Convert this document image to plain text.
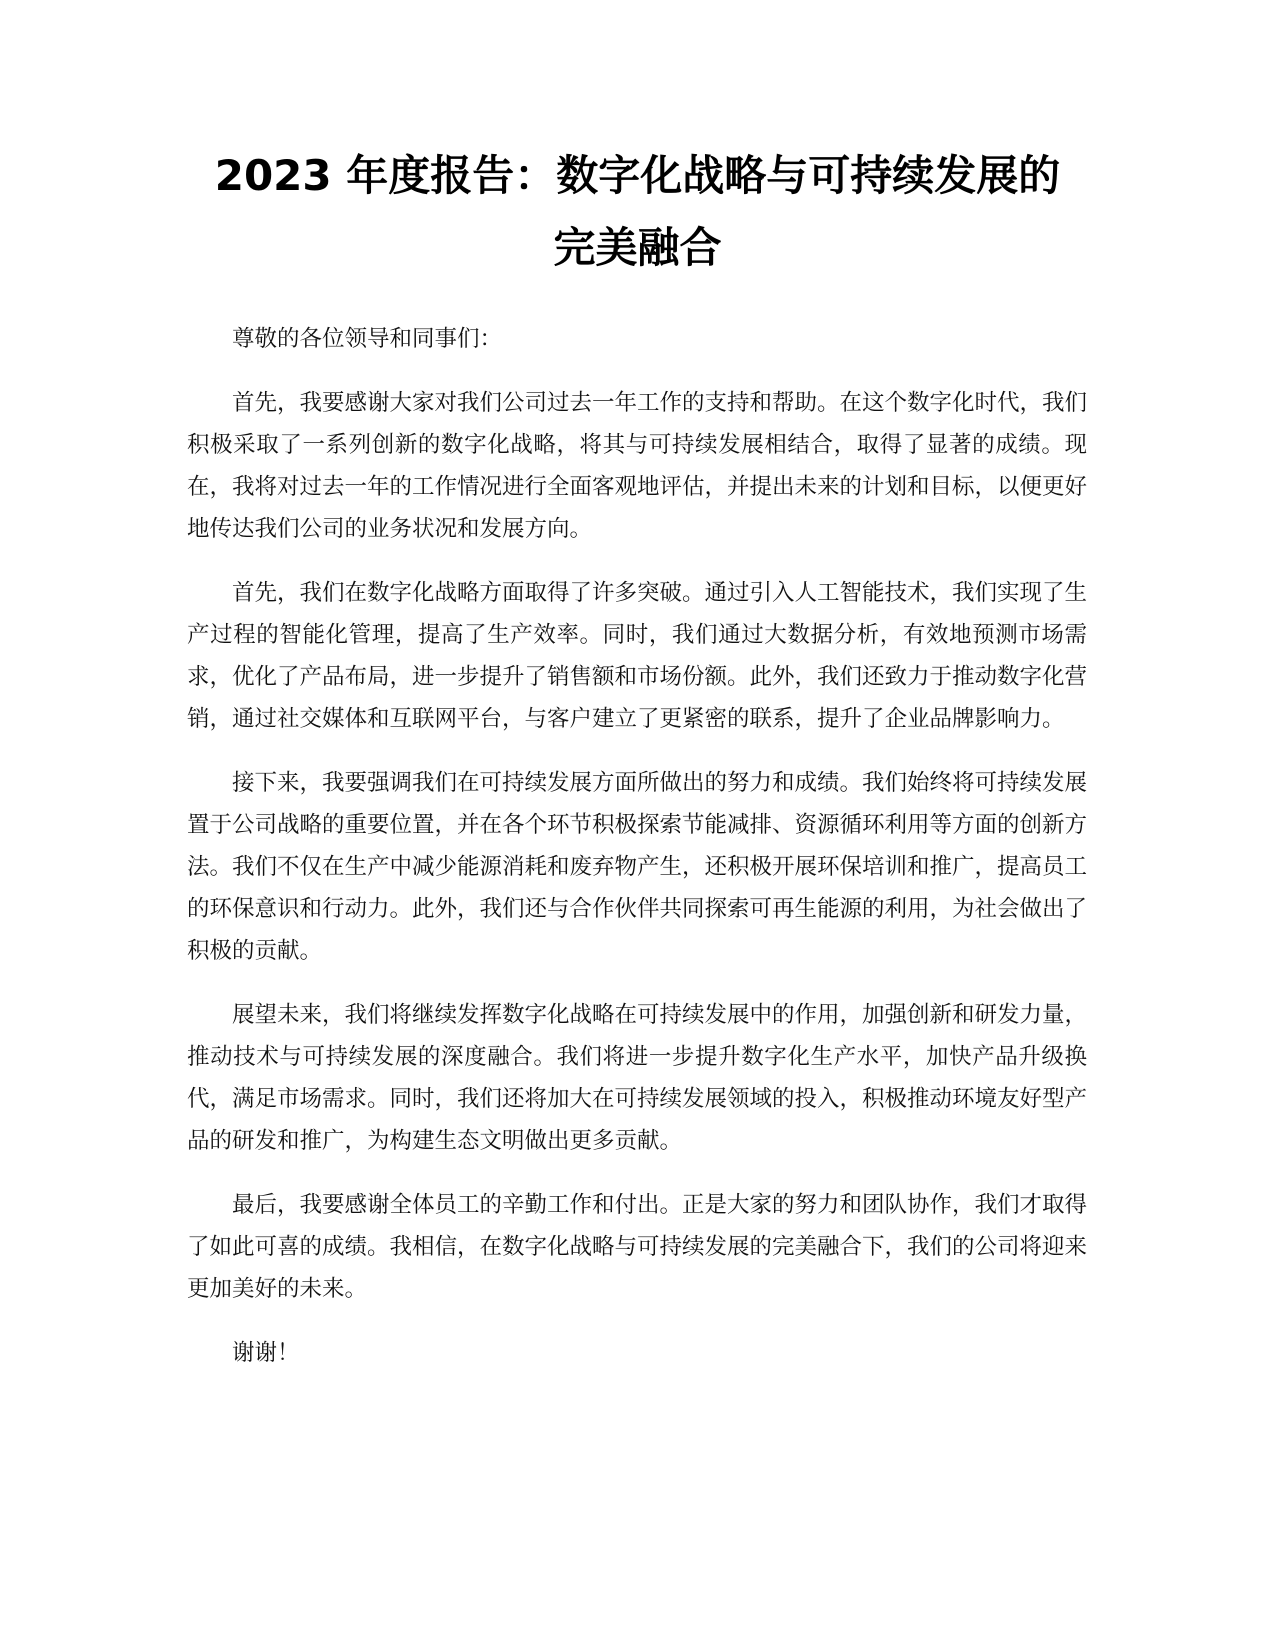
2023 年度报告：数字化战略与可持续发展的
完美融合

尊敬的各位领导和同事们：

首先，我要感谢大家对我们公司过去一年工作的支持和帮助。在这个数字化时代，我们积极采取了一系列创新的数字化战略，将其与可持续发展相结合，取得了显著的成绩。现在，我将对过去一年的工作情况进行全面客观地评估，并提出未来的计划和目标，以便更好地传达我们公司的业务状况和发展方向。

首先，我们在数字化战略方面取得了许多突破。通过引入人工智能技术，我们实现了生产过程的智能化管理，提高了生产效率。同时，我们通过大数据分析，有效地预测市场需求，优化了产品布局，进一步提升了销售额和市场份额。此外，我们还致力于推动数字化营销，通过社交媒体和互联网平台，与客户建立了更紧密的联系，提升了企业品牌影响力。

接下来，我要强调我们在可持续发展方面所做出的努力和成绩。我们始终将可持续发展置于公司战略的重要位置，并在各个环节积极探索节能减排、资源循环利用等方面的创新方法。我们不仅在生产中减少能源消耗和废弃物产生，还积极开展环保培训和推广，提高员工的环保意识和行动力。此外，我们还与合作伙伴共同探索可再生能源的利用，为社会做出了积极的贡献。

展望未来，我们将继续发挥数字化战略在可持续发展中的作用，加强创新和研发力量，推动技术与可持续发展的深度融合。我们将进一步提升数字化生产水平，加快产品升级换代，满足市场需求。同时，我们还将加大在可持续发展领域的投入，积极推动环境友好型产品的研发和推广，为构建生态文明做出更多贡献。

最后，我要感谢全体员工的辛勤工作和付出。正是大家的努力和团队协作，我们才取得了如此可喜的成绩。我相信，在数字化战略与可持续发展的完美融合下，我们的公司将迎来更加美好的未来。

谢谢！
